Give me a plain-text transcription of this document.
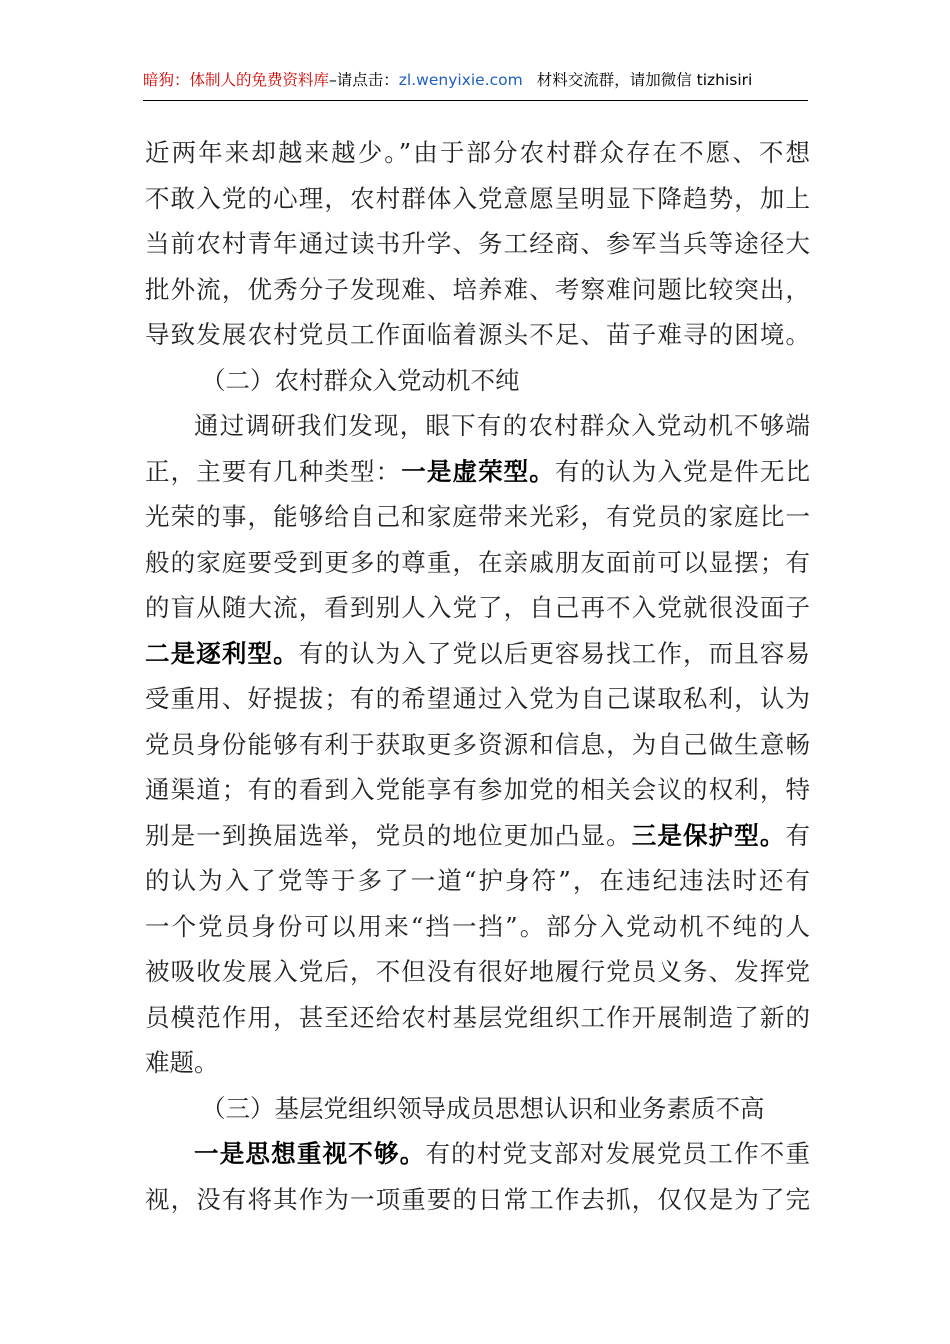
暗狗：体制人的免费资料库–请点击：zl.wenyixie.com 材料交流群，请加微信 tizhisiri
近两年来却越来越少。”由于部分农村群众存在不愿、不想
不敢入党的心理，农村群体入党意愿呈明显下降趋势，加上
当前农村青年通过读书升学、务工经商、参军当兵等途径大
批外流，优秀分子发现难、培养难、考察难问题比较突出，
导致发展农村党员工作面临着源头不足、苗子难寻的困境。
（二）农村群众入党动机不纯
通过调研我们发现，眼下有的农村群众入党动机不够端
正，主要有几种类型：一是虚荣型。有的认为入党是件无比
光荣的事，能够给自己和家庭带来光彩，有党员的家庭比一
般的家庭要受到更多的尊重，在亲戚朋友面前可以显摆；有
的盲从随大流，看到别人入党了，自己再不入党就很没面子
二是逐利型。有的认为入了党以后更容易找工作，而且容易
受重用、好提拔；有的希望通过入党为自己谋取私利，认为
党员身份能够有利于获取更多资源和信息，为自己做生意畅
通渠道；有的看到入党能享有参加党的相关会议的权利，特
别是一到换届选举，党员的地位更加凸显。三是保护型。有
的认为入了党等于多了一道“护身符”，在违纪违法时还有
一个党员身份可以用来“挡一挡”。部分入党动机不纯的人
被吸收发展入党后，不但没有很好地履行党员义务、发挥党
员模范作用，甚至还给农村基层党组织工作开展制造了新的
难题。
（三）基层党组织领导成员思想认识和业务素质不高
一是思想重视不够。有的村党支部对发展党员工作不重
视，没有将其作为一项重要的日常工作去抓，仅仅是为了完
